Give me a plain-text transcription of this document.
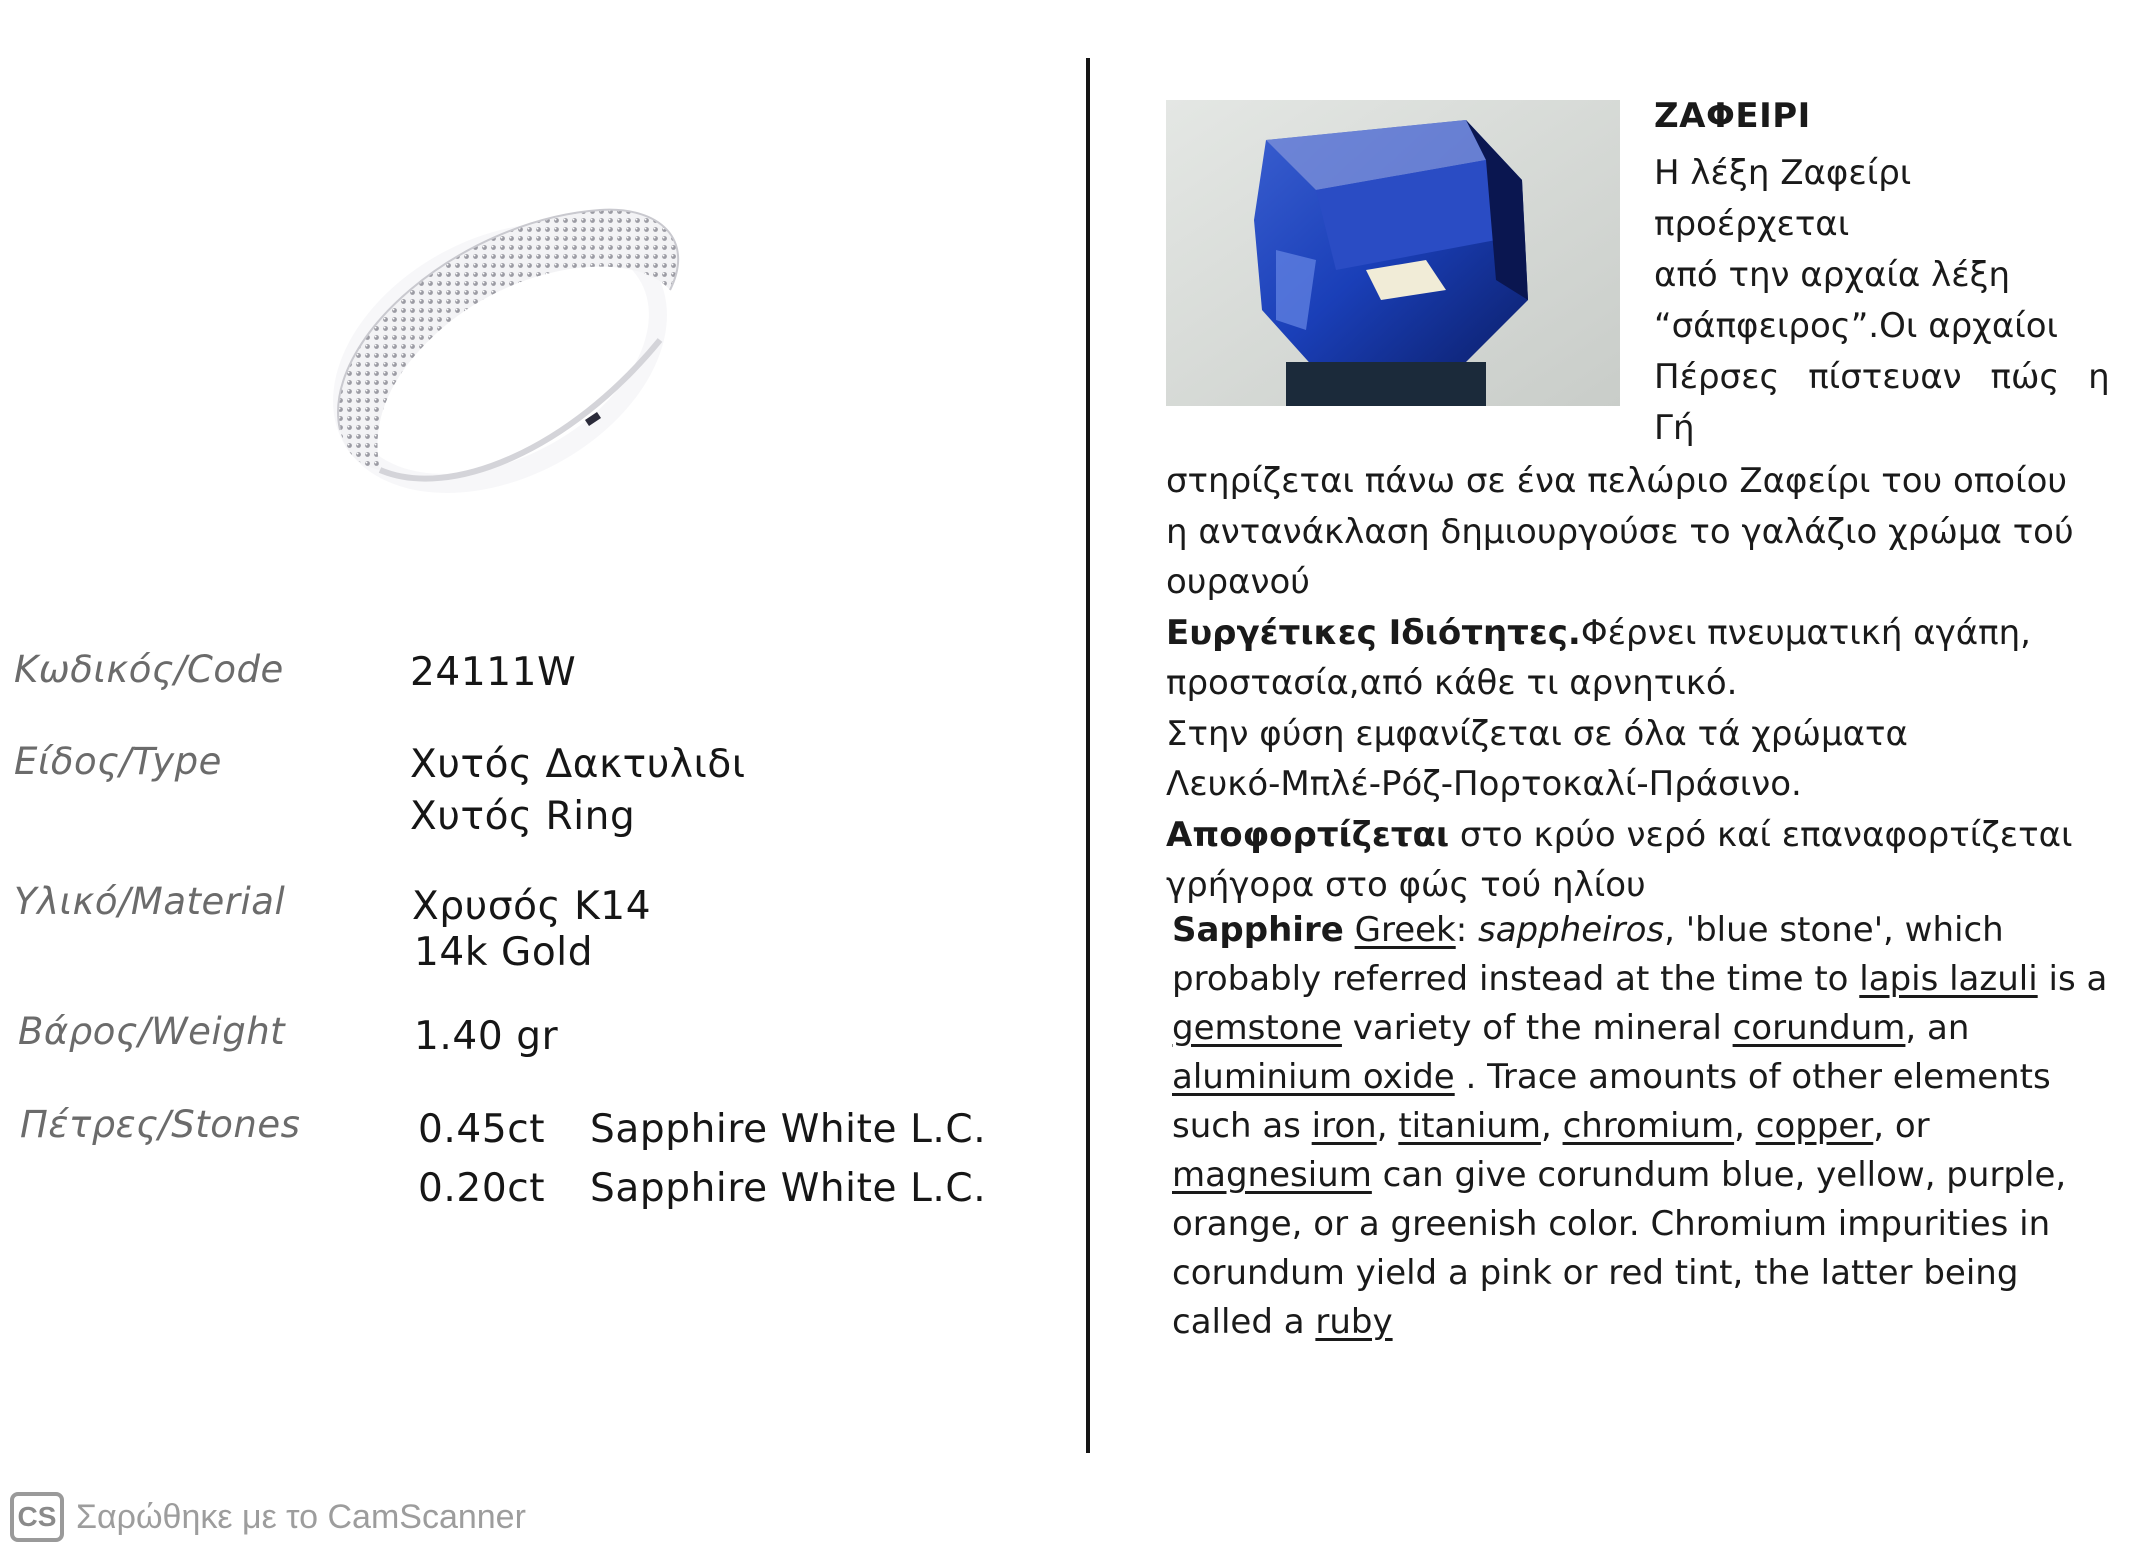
Κωδικός/Code	24111W
Είδος/Type	Χυτός Δακτυλιδι
Χυτός Ring
Υλικό/Material	Χρυσός Κ14
14k Gold
Βάρος/Weight	1.40 gr
Πέτρες/Stones	0.45ct Sapphire White L.C.
0.20ct Sapphire White L.C.
ΖΑΦΕΙΡΙ
Η λέξη Ζαφείρι
προέρχεται
από την αρχαία λέξη
“σάπφειρος”.Οι αρχαίοι
Πέρσες πίστευαν πώς η
Γή
στηρίζεται πάνω σε ένα πελώριο Ζαφείρι του οποίου
η αντανάκλαση δημιουργούσε το γαλάζιο χρώμα τού
ουρανού
Ευργέτικες Ιδιότητες.Φέρνει πνευματική αγάπη,
προστασία,από κάθε τι αρνητικό.
Στην φύση εμφανίζεται σε όλα τά χρώματα
Λευκό-Μπλέ-Ρόζ-Πορτοκαλί-Πράσινο.
Αποφορτίζεται στο κρύο νερό καί επαναφορτίζεται
γρήγορα στο φώς τού ηλίου
Sapphire Greek: sappheiros, 'blue stone', which
probably referred instead at the time to lapis lazuli is a
gemstone variety of the mineral corundum, an
aluminium oxide . Trace amounts of other elements
such as iron, titanium, chromium, copper, or
magnesium can give corundum blue, yellow, purple,
orange, or a greenish color. Chromium impurities in
corundum yield a pink or red tint, the latter being
called a ruby
CS Σαρώθηκε με το CamScanner
